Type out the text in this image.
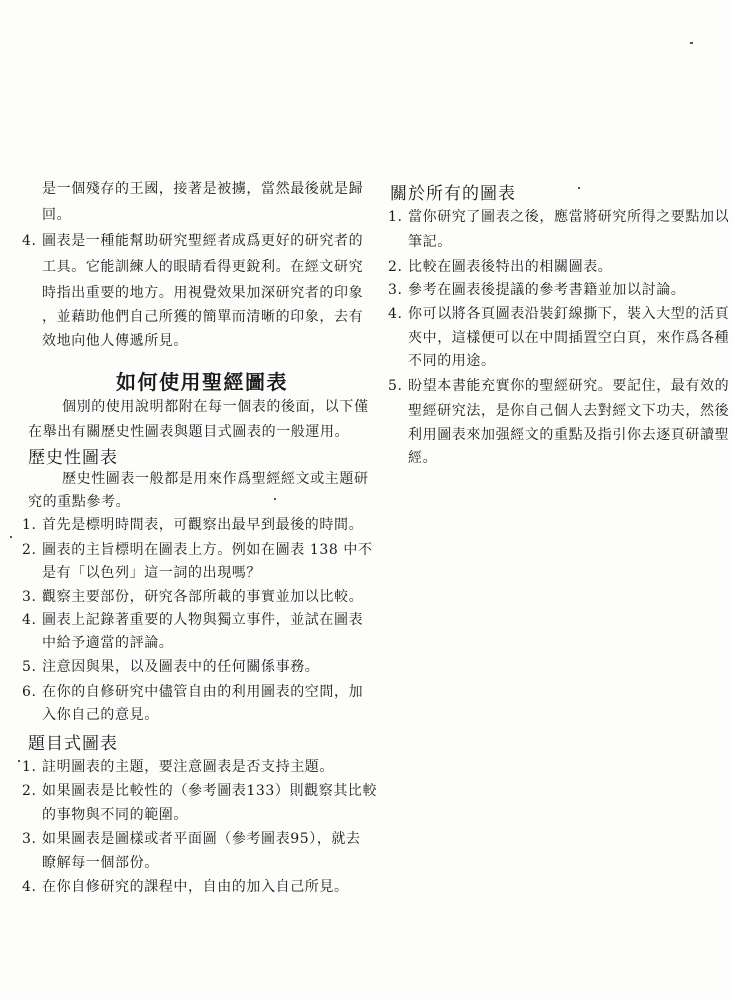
是一個殘存的王國，接著是被擄，當然最後就是歸
回。
4. 圖表是一種能幫助研究聖經者成爲更好的研究者的
工具。它能訓練人的眼睛看得更銳利。在經文研究
時指出重要的地方。用視覺效果加深研究者的印象
，並藉助他們自己所獲的簡單而清晰的印象，去有
效地向他人傳遞所見。
如何使用聖經圖表
個別的使用說明都附在每一個表的後面，以下僅
在舉出有關歷史性圖表與題目式圖表的一般運用。
歷史性圖表
歷史性圖表一般都是用來作爲聖經經文或主題研
究的重點參考。
1. 首先是標明時間表，可觀察出最早到最後的時間。
2. 圖表的主旨標明在圖表上方。例如在圖表 138 中不
是有「以色列」這一詞的出現嗎？
3. 觀察主要部份，研究各部所載的事實並加以比較。
4. 圖表上記錄著重要的人物與獨立事件，並試在圖表
中給予適當的評論。
5. 注意因與果，以及圖表中的任何關係事務。
6. 在你的自修研究中儘管自由的利用圖表的空間，加
入你自己的意見。
題目式圖表
1. 註明圖表的主題，要注意圖表是否支持主題。
2. 如果圖表是比較性的（參考圖表133）則觀察其比較
的事物與不同的範圍。
3. 如果圖表是圖樣或者平面圖（參考圖表95），就去
瞭解每一個部份。
4. 在你自修研究的課程中，自由的加入自己所見。
關於所有的圖表
1. 當你研究了圖表之後，應當將研究所得之要點加以
筆記。
2. 比較在圖表後特出的相關圖表。
3. 參考在圖表後提議的參考書籍並加以討論。
4. 你可以將各頁圖表沿裝釘線撕下，裝入大型的活頁
夾中，這樣便可以在中間插置空白頁，來作爲各種
不同的用途。
5. 盼望本書能充實你的聖經研究。要記住，最有效的
聖經研究法，是你自己個人去對經文下功夫，然後
利用圖表來加强經文的重點及指引你去逐頁研讀聖
經。
